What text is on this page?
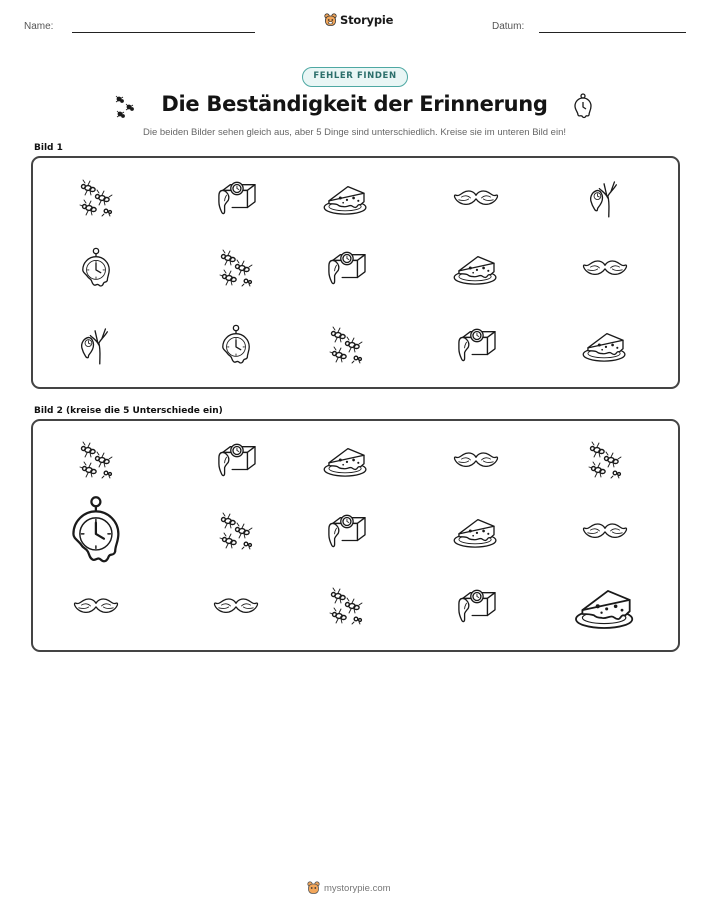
Name:	Storypie	Datum:
FEHLER FINDEN
Die Beständigkeit der Erinnerung
Die beiden Bilder sehen gleich aus, aber 5 Dinge sind unterschiedlich. Kreise sie im unteren Bild ein!
Bild 1
Bild 2 (kreise die 5 Unterschiede ein)
mystorypie.com
